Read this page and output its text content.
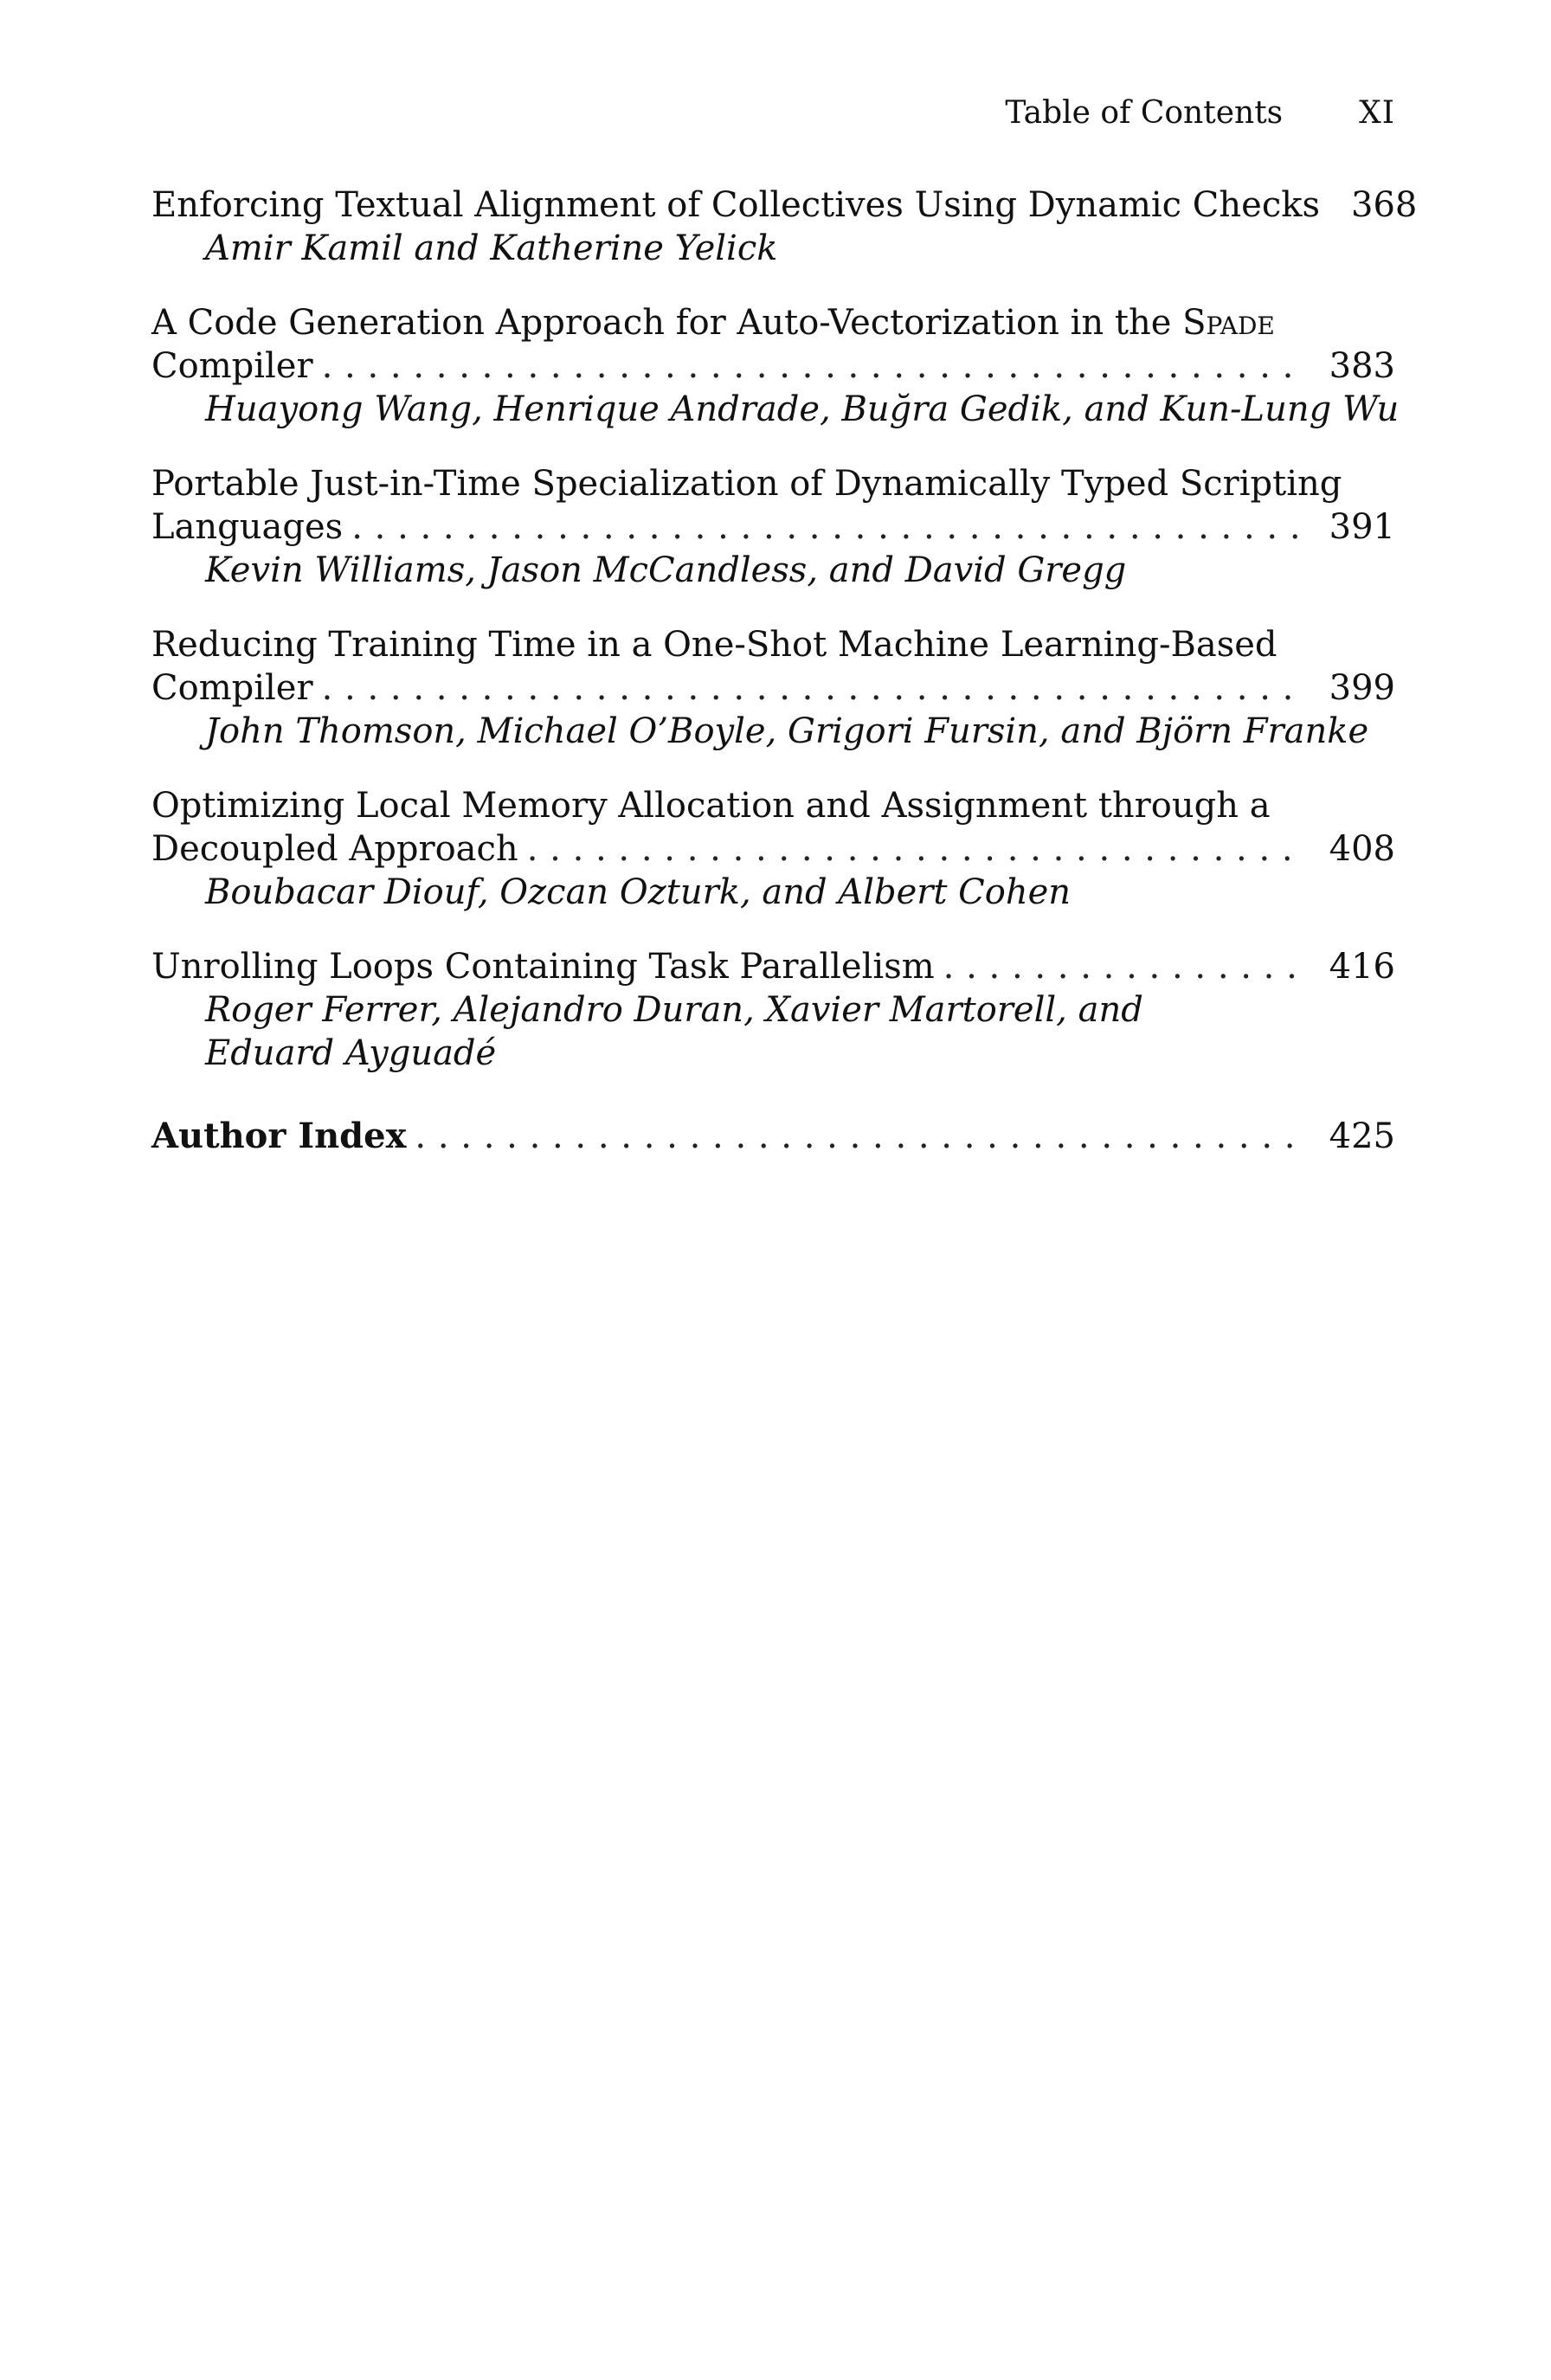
Table of Contents XI
Enforcing Textual Alignment of Collectives Using Dynamic Checks 368
Amir Kamil and Katherine Yelick
A Code Generation Approach for Auto-Vectorization in the Spade
Compiler . . .	383
Huayong Wang, Henrique Andrade, Buğra Gedik, and Kun-Lung Wu
Portable Just-in-Time Specialization of Dynamically Typed Scripting
Languages . . .	391
Kevin Williams, Jason McCandless, and David Gregg
Reducing Training Time in a One-Shot Machine Learning-Based
Compiler . . .	399
John Thomson, Michael O’Boyle, Grigori Fursin, and Björn Franke
Optimizing Local Memory Allocation and Assignment through a
Decoupled Approach . . .	408
Boubacar Diouf, Ozcan Ozturk, and Albert Cohen
Unrolling Loops Containing Task Parallelism . . .	416
Roger Ferrer, Alejandro Duran, Xavier Martorell, and
Eduard Ayguadé
Author Index . . .	425
